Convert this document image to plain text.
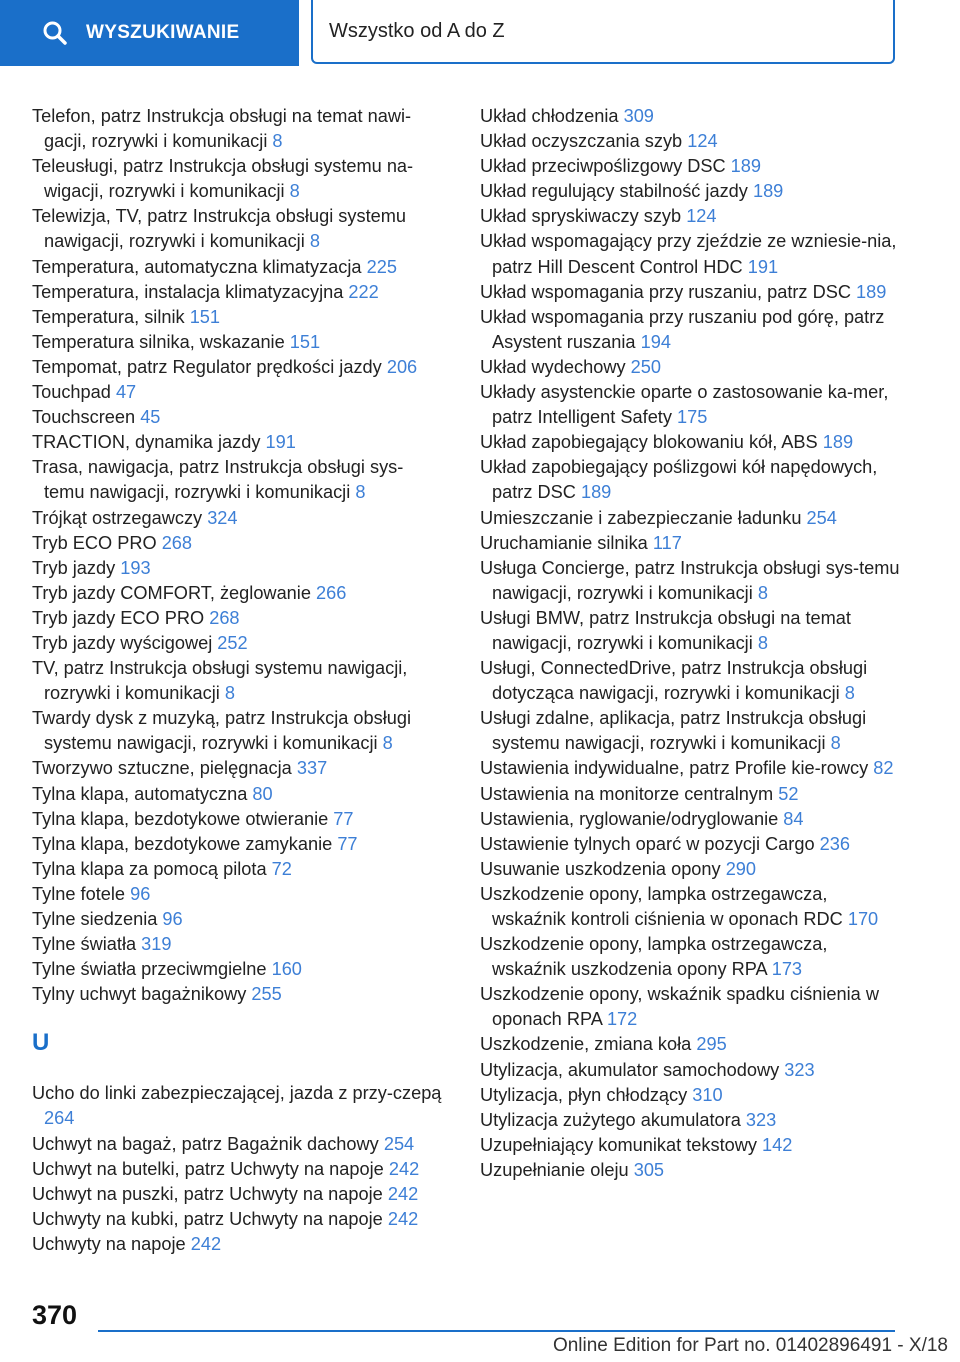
WYSZUKIWANIE	Wszystko od A do Z

Telefon, patrz Instrukcja obsługi na temat nawi-gacji, rozrywki i komunikacji 8

Teleusługi, patrz Instrukcja obsługi systemu na-wigacji, rozrywki i komunikacji 8

Telewizja, TV, patrz Instrukcja obsługi systemu nawigacji, rozrywki i komunikacji 8

Temperatura, automatyczna klimatyzacja 225

Temperatura, instalacja klimatyzacyjna 222

Temperatura, silnik 151

Temperatura silnika, wskazanie 151

Tempomat, patrz Regulator prędkości jazdy 206

Touchpad 47

Touchscreen 45

TRACTION, dynamika jazdy 191

Trasa, nawigacja, patrz Instrukcja obsługi sys-temu nawigacji, rozrywki i komunikacji 8

Trójkąt ostrzegawczy 324

Tryb ECO PRO 268

Tryb jazdy 193

Tryb jazdy COMFORT, żeglowanie 266

Tryb jazdy ECO PRO 268

Tryb jazdy wyścigowej 252

TV, patrz Instrukcja obsługi systemu nawigacji, rozrywki i komunikacji 8

Twardy dysk z muzyką, patrz Instrukcja obsługi systemu nawigacji, rozrywki i komunikacji 8

Tworzywo sztuczne, pielęgnacja 337

Tylna klapa, automatyczna 80

Tylna klapa, bezdotykowe otwieranie 77

Tylna klapa, bezdotykowe zamykanie 77

Tylna klapa za pomocą pilota 72

Tylne fotele 96

Tylne siedzenia 96

Tylne światła 319

Tylne światła przeciwmgielne 160

Tylny uchwyt bagażnikowy 255

U

Ucho do linki zabezpieczającej, jazda z przy-czepą 264

Uchwyt na bagaż, patrz Bagażnik dachowy 254

Uchwyt na butelki, patrz Uchwyty na napoje 242

Uchwyt na puszki, patrz Uchwyty na napoje 242

Uchwyty na kubki, patrz Uchwyty na napoje 242

Uchwyty na napoje 242

Układ chłodzenia 309

Układ oczyszczania szyb 124

Układ przeciwpoślizgowy DSC 189

Układ regulujący stabilność jazdy 189

Układ spryskiwaczy szyb 124

Układ wspomagający przy zjeździe ze wzniesie-nia, patrz Hill Descent Control HDC 191

Układ wspomagania przy ruszaniu, patrz DSC 189

Układ wspomagania przy ruszaniu pod górę, patrz Asystent ruszania 194

Układ wydechowy 250

Układy asystenckie oparte o zastosowanie ka-mer, patrz Intelligent Safety 175

Układ zapobiegający blokowaniu kół, ABS 189

Układ zapobiegający poślizgowi kół napędowych, patrz DSC 189

Umieszczanie i zabezpieczanie ładunku 254

Uruchamianie silnika 117

Usługa Concierge, patrz Instrukcja obsługi sys-temu nawigacji, rozrywki i komunikacji 8

Usługi BMW, patrz Instrukcja obsługi na temat nawigacji, rozrywki i komunikacji 8

Usługi, ConnectedDrive, patrz Instrukcja obsługi dotycząca nawigacji, rozrywki i komunikacji 8

Usługi zdalne, aplikacja, patrz Instrukcja obsługi systemu nawigacji, rozrywki i komunikacji 8

Ustawienia indywidualne, patrz Profile kie-rowcy 82

Ustawienia na monitorze centralnym 52

Ustawienia, ryglowanie/odryglowanie 84

Ustawienie tylnych oparć w pozycji Cargo 236

Usuwanie uszkodzenia opony 290

Uszkodzenie opony, lampka ostrzegawcza, wskaźnik kontroli ciśnienia w oponach RDC 170

Uszkodzenie opony, lampka ostrzegawcza, wskaźnik uszkodzenia opony RPA 173

Uszkodzenie opony, wskaźnik spadku ciśnienia w oponach RPA 172

Uszkodzenie, zmiana koła 295

Utylizacja, akumulator samochodowy 323

Utylizacja, płyn chłodzący 310

Utylizacja zużytego akumulatora 323

Uzupełniający komunikat tekstowy 142

Uzupełnianie oleju 305

370
Online Edition for Part no. 01402896491 - X/18
